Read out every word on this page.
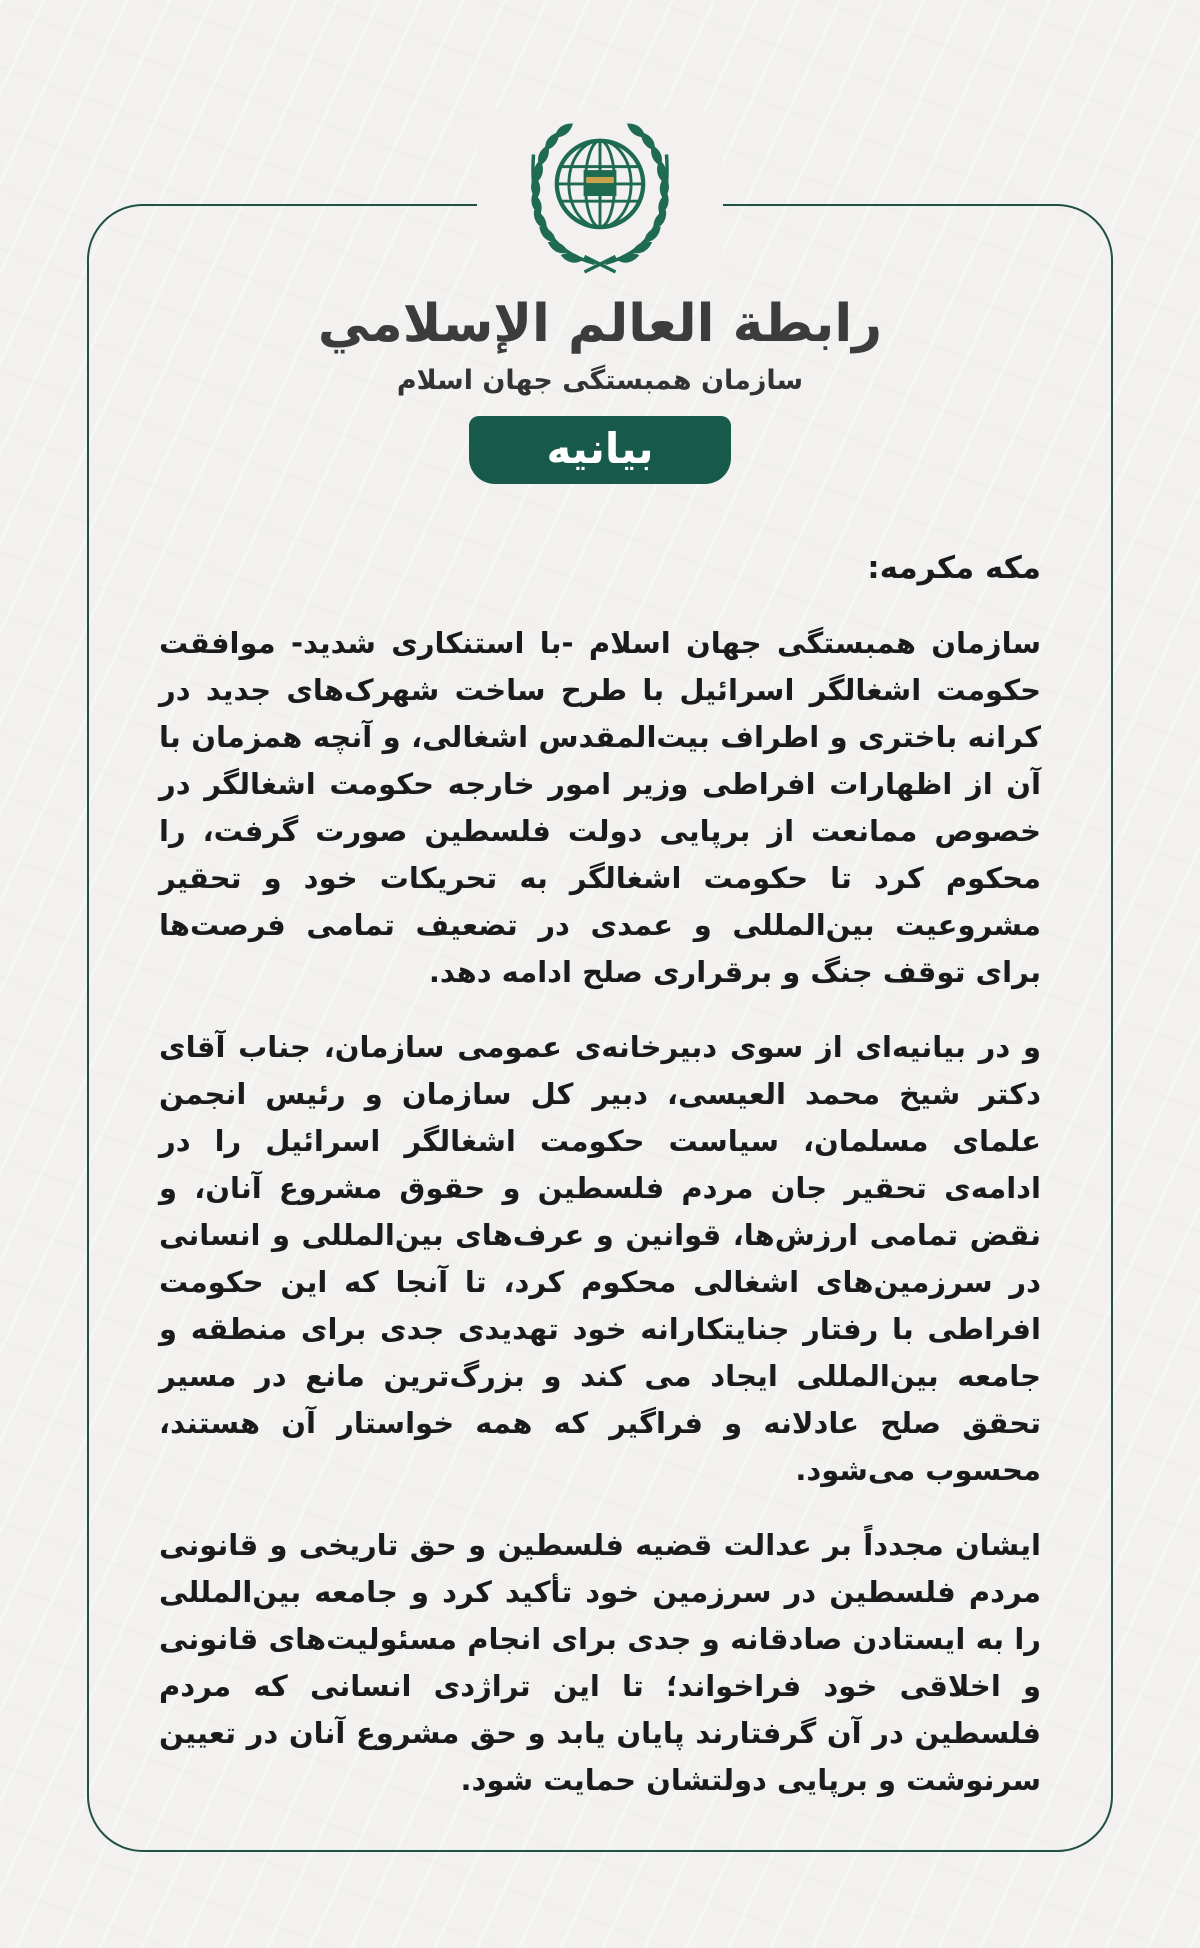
رابطة العالم الإسلامي
سازمان همبستگی جهان اسلام
بیانیه
مکه مکرمه:

سازمان همبستگی جهان اسلام -با استنکاری شدید- موافقت حکومت اشغالگر اسرائیل با طرح ساخت شهرک‌های جدید در کرانه باختری و اطراف بیت‌المقدس اشغالی، و آنچه همزمان با آن از اظهارات افراطی وزیر امور خارجه حکومت اشغالگر در خصوص ممانعت از برپایی دولت فلسطین صورت گرفت، را محکوم کرد تا حکومت اشغالگر به تحریکات خود و تحقیر مشروعیت بین‌المللی و عمدی در تضعیف تمامی فرصت‌ها برای توقف جنگ و برقراری صلح ادامه دهد.

و در بیانیه‌ای از سوی دبیرخانه‌ی عمومی سازمان، جناب آقای دکتر شیخ محمد العیسی، دبیر کل سازمان و رئیس انجمن علمای مسلمان، سیاست حکومت اشغالگر اسرائیل را در ادامه‌ی تحقیر جان مردم فلسطین و حقوق مشروع آنان، و نقض تمامی ارزش‌ها، قوانین و عرف‌های بین‌المللی و انسانی در سرزمین‌های اشغالی محکوم کرد، تا آنجا که این حکومت افراطی با رفتار جنایتکارانه خود تهدیدی جدی برای منطقه و جامعه بین‌المللی ایجاد می کند و بزرگ‌ترین مانع در مسیر تحقق صلح عادلانه و فراگیر که همه خواستار آن هستند، محسوب می‌شود.

ایشان مجدداً بر عدالت قضیه فلسطین و حق تاریخی و قانونی مردم فلسطین در سرزمین خود تأکید کرد و جامعه بین‌المللی را به ایستادن صادقانه و جدی برای انجام مسئولیت‌های قانونی و اخلاقی خود فراخواند؛ تا این تراژدی انسانی که مردم فلسطین در آن گرفتارند پایان یابد و حق مشروع آنان در تعیین سرنوشت و برپایی دولتشان حمایت شود.
